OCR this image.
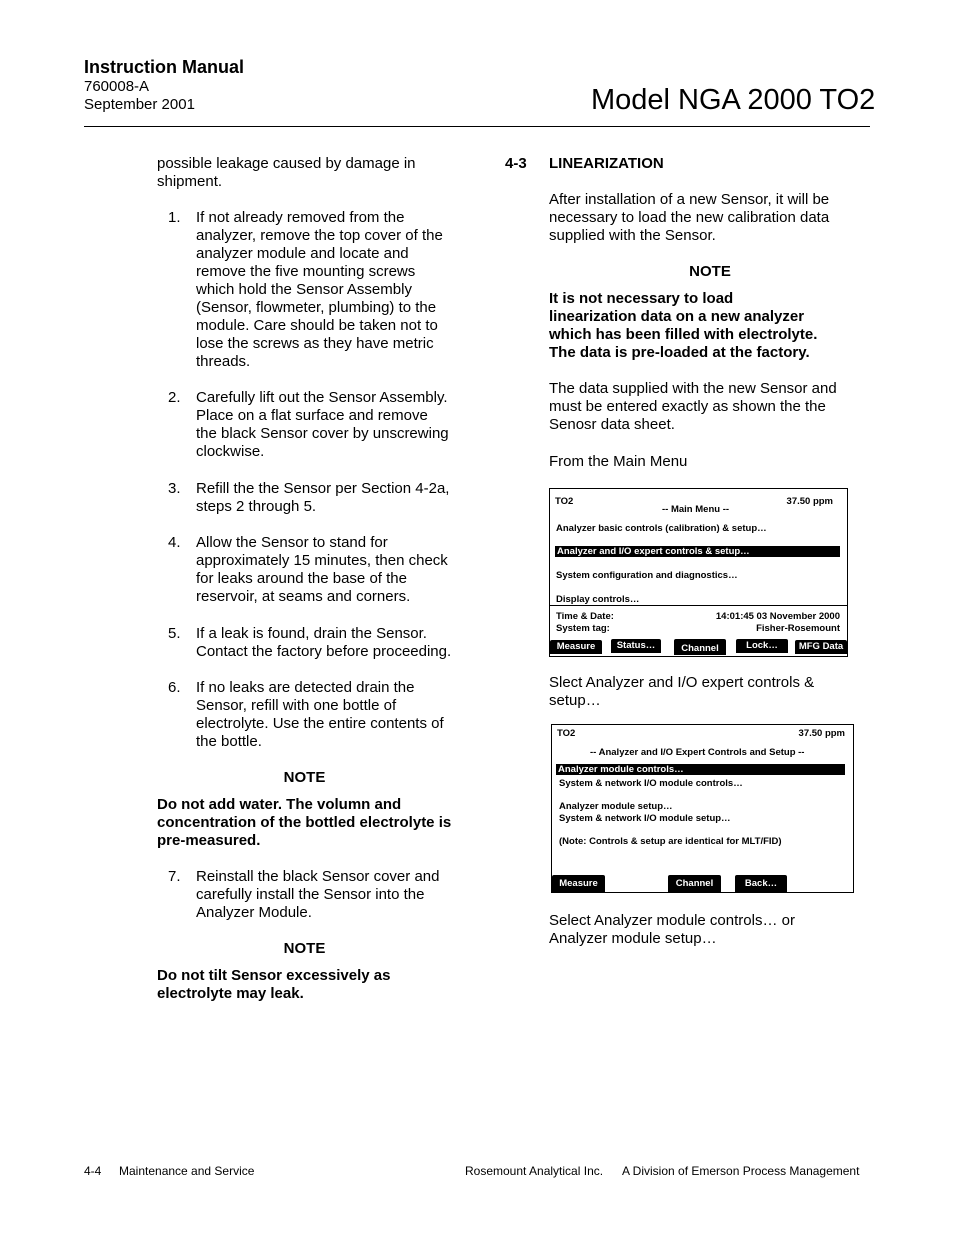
Instruction Manual
760008-A
September 2001	Model NGA 2000 TO2

possible leakage caused by damage in shipment.

1. If not already removed from the analyzer, remove the top cover of the analyzer module and locate and remove the five mounting screws which hold the Sensor Assembly (Sensor, flowmeter, plumbing) to the module. Care should be taken not to lose the screws as they have metric threads.

2. Carefully lift out the Sensor Assembly. Place on a flat surface and remove the black Sensor cover by unscrewing clockwise.

3. Refill the the Sensor per Section 4-2a, steps 2 through 5.

4. Allow the Sensor to stand for approximately 15 minutes, then check for leaks around the base of the reservoir, at seams and corners.

5. If a leak is found, drain the Sensor. Contact the factory before proceeding.

6. If no leaks are detected drain the Sensor, refill with one bottle of electrolyte. Use the entire contents of the bottle.

NOTE

Do not add water. The volumn and concentration of the bottled electrolyte is pre-measured.

7. Reinstall the black Sensor cover and carefully install the Sensor into the Analyzer Module.

NOTE

Do not tilt Sensor excessively as electrolyte may leak.

4-3 LINEARIZATION

After installation of a new Sensor, it will be necessary to load the new calibration data supplied with the Sensor.

NOTE

It is not necessary to load linearization data on a new analyzer which has been filled with electrolyte. The data is pre-loaded at the factory.

The data supplied with the new Sensor and must be entered exactly as shown the the Senosr data sheet.

From the Main Menu

TO2	37.50 ppm
-- Main Menu --
Analyzer basic controls (calibration) & setup…
Analyzer and I/O expert controls & setup…
System configuration and diagnostics…
Display controls…
Time & Date:	14:01:45 03 November 2000
System tag:	Fisher-Rosemount
Measure	Status…	Channel	Lock…	MFG Data
Slect Analyzer and I/O expert controls & setup…
TO2	37.50 ppm
-- Analyzer and I/O Expert Controls and Setup --
Analyzer module controls…
System & network I/O module controls…
Analyzer module setup…
System & network I/O module setup…
(Note: Controls & setup are identical for MLT/FID)
Measure	Channel	Back…
Select Analyzer module controls… or Analyzer module setup…
4-4 Maintenance and Service	Rosemount Analytical Inc. A Division of Emerson Process Management
